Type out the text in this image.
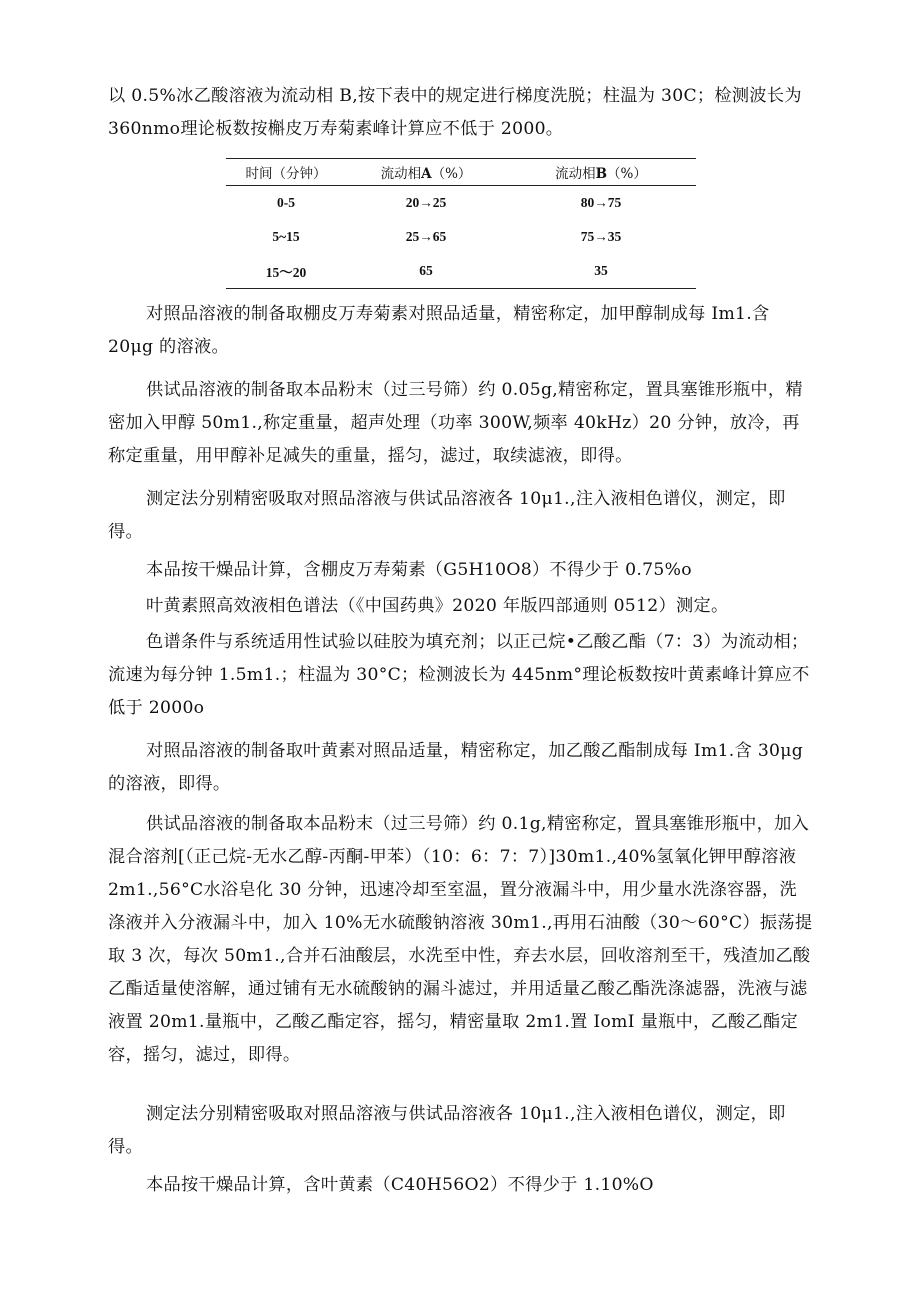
以 0.5%冰乙酸溶液为流动相 B,按下表中的规定进行梯度洗脱；柱温为 30C；检测波长为 360nmo理论板数按槲皮万寿菊素峰计算应不低于 2000。

时间（分钟）	流动相A（%）	流动相B（%）
0-5	20→25	80→75
5~15	25→65	75→35
15～20	65	35

对照品溶液的制备取棚皮万寿菊素对照品适量，精密称定，加甲醇制成每 Im1.含 20μg 的溶液。

供试品溶液的制备取本品粉末（过三号筛）约 0.05g,精密称定，置具塞锥形瓶中，精密加入甲醇 50m1.,称定重量，超声处理（功率 300W,频率 40kHz）20 分钟，放冷，再称定重量，用甲醇补足减失的重量，摇匀，滤过，取续滤液，即得。

测定法分别精密吸取对照品溶液与供试品溶液各 10μ1.,注入液相色谱仪，测定，即得。

本品按干燥品计算，含棚皮万寿菊素（G5H10O8）不得少于 0.75%o

叶黄素照高效液相色谱法（《中国药典》2020 年版四部通则 0512）测定。

色谱条件与系统适用性试验以硅胶为填充剂；以正己烷•乙酸乙酯（7：3）为流动相；流速为每分钟 1.5m1.；柱温为 30°C；检测波长为 445nm°理论板数按叶黄素峰计算应不低于 2000o

对照品溶液的制备取叶黄素对照品适量，精密称定，加乙酸乙酯制成每 Im1.含 30μg 的溶液，即得。

供试品溶液的制备取本品粉末（过三号筛）约 0.1g,精密称定，置具塞锥形瓶中，加入混合溶剂[（正己烷-无水乙醇-丙酮-甲苯）（10：6：7：7）]30m1.,40%氢氧化钾甲醇溶液 2m1.,56°C水浴皂化 30 分钟，迅速冷却至室温，置分液漏斗中，用少量水洗涤容器，洗涤液并入分液漏斗中，加入 10%无水硫酸钠溶液 30m1.,再用石油酸（30～60°C）振荡提取 3 次，每次 50m1.,合并石油酸层，水洗至中性，弃去水层，回收溶剂至干，残渣加乙酸乙酯适量使溶解，通过铺有无水硫酸钠的漏斗滤过，并用适量乙酸乙酯洗涤滤器，洗液与滤液置 20m1.量瓶中，乙酸乙酯定容，摇匀，精密量取 2m1.置 IomI 量瓶中，乙酸乙酯定容，摇匀，滤过，即得。

测定法分别精密吸取对照品溶液与供试品溶液各 10μ1.,注入液相色谱仪，测定，即得。

本品按干燥品计算，含叶黄素（C40H56O2）不得少于 1.10%O
